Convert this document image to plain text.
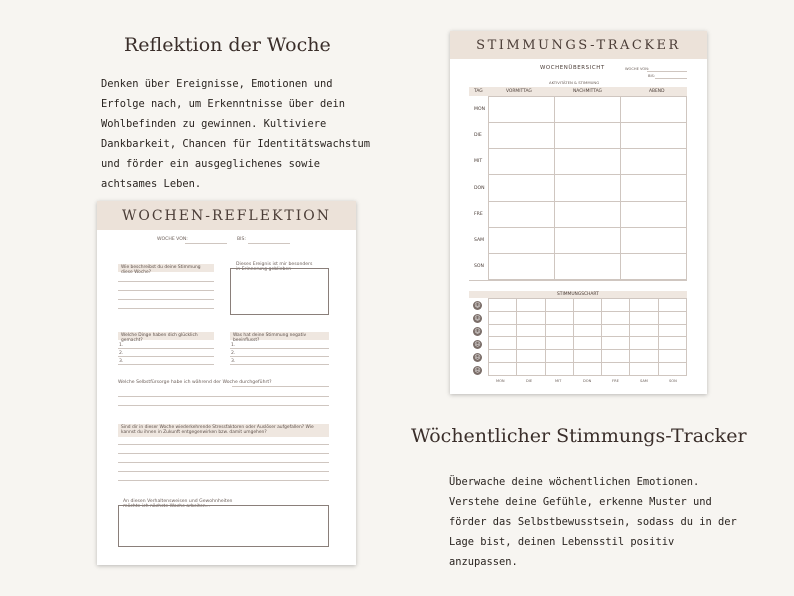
Reflektion der Woche
Denken über Ereignisse, Emotionen und Erfolge nach, um Erkenntnisse über dein Wohlbefinden zu gewinnen. Kultiviere Dankbarkeit, Chancen für Identitätswachstum und förder ein ausgeglichenes sowie achtsames Leben.
Wöchentlicher Stimmungs-Tracker
Überwache deine wöchentlichen Emotionen. Verstehe deine Gefühle, erkenne Muster und förder das Selbstbewusstsein, sodass du in der Lage bist, deinen Lebensstil positiv anzupassen.
WOCHEN-REFLEKTION
WOCHE VON:	BIS:
Wie beschreibst du deine Stimmung diese Woche?
Dieses Ereignis ist mir besonders in Erinnerung geblieben
Welche Dinge haben dich glücklich gemacht?
1.
2.
3.
Was hat deine Stimmung negativ beeinflusst?
1.
2.
3.
Welche Selbstfürsorge habe ich während der Woche durchgeführt?
Sind dir in dieser Woche wiederkehrende Stressfaktoren oder Auslöser aufgefallen? Wie kannst du ihnen in Zukunft entgegenwirken bzw. damit umgehen?
An diesen Verhaltensweisen und Gewohnheiten möchte ich nächste Woche arbeiten...
STIMMUNGS-TRACKER
WOCHENÜBERSICHT	WOCHE VON:
BIS:
AKTIVITÄTEN & STIMMUNG
TAG	VORMITTAG	NACHMITTAG	ABEND

MON
DIE
MIT
DON
FRE
SAM
SON
STIMMUNGSCHART

☺
☺
☺
☹
☹
☹
MON	DIE	MIT	DON	FRE	SAM	SON
